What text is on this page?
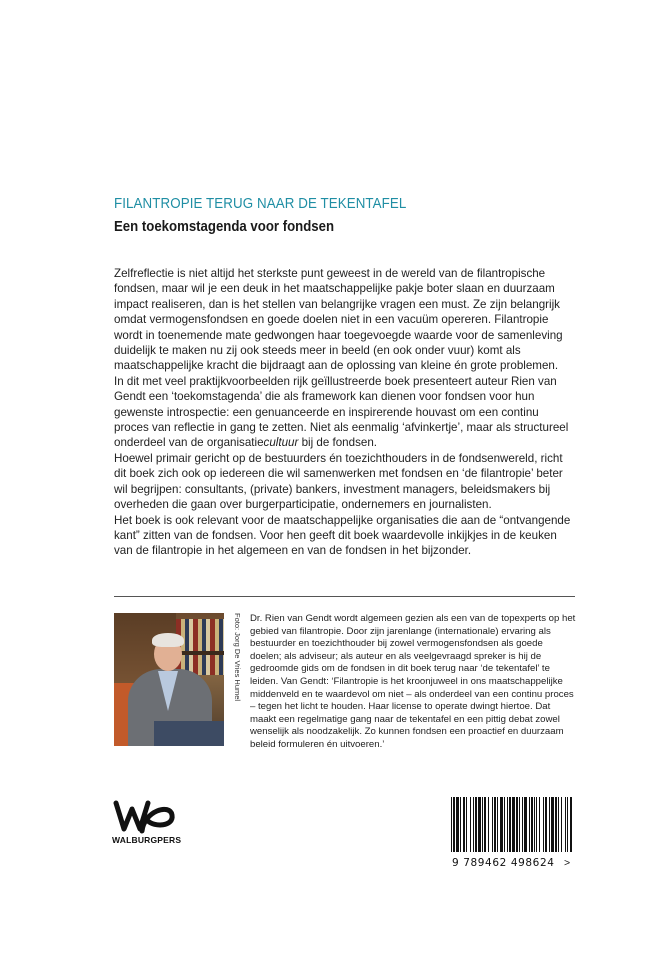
FILANTROPIE TERUG NAAR DE TEKENTAFEL
Een toekomstagenda voor fondsen

Zelfreflectie is niet altijd het sterkste punt geweest in de wereld van de filantropische fondsen, maar wil je een deuk in het maatschappelijke pakje boter slaan en duurzaam impact realiseren, dan is het stellen van belangrijke vragen een must. Ze zijn belangrijk omdat vermogensfondsen en goede doelen niet in een vacuüm opereren. Filantropie wordt in toenemende mate gedwongen haar toegevoegde waarde voor de samenleving duidelijk te maken nu zij ook steeds meer in beeld (en ook onder vuur) komt als maatschappelijke kracht die bijdraagt aan de oplossing van kleine én grote problemen.

In dit met veel praktijkvoorbeelden rijk geïllustreerde boek presenteert auteur Rien van Gendt een ‘toekomstagenda’ die als framework kan dienen voor fondsen voor hun gewenste introspectie: een genuanceerde en inspirerende houvast om een continu proces van reflectie in gang te zetten. Niet als eenmalig ‘afvinkertje’, maar als structureel onderdeel van de organisatiecultuur bij de fondsen.

Hoewel primair gericht op de bestuurders én toezichthouders in de fondsenwereld, richt dit boek zich ook op iedereen die wil samenwerken met fondsen en ‘de filantropie’ beter wil begrijpen: consultants, (private) bankers, investment managers, beleidsmakers bij overheden die gaan over burgerparticipatie, ondernemers en journalisten.

Het boek is ook relevant voor de maatschappelijke organisaties die aan de “ontvangende kant” zitten van de fondsen. Voor hen geeft dit boek waardevolle inkijkjes in de keuken van de filantropie in het algemeen en van de fondsen in het bijzonder.

Foto: Jorg De Vries Humel Dr. Rien van Gendt wordt algemeen gezien als een van de topexperts op het gebied van filantropie. Door zijn jarenlange (internationale) ervaring als bestuurder en toezichthouder bij zowel vermogensfondsen als goede doelen; als adviseur; als auteur en als veelgevraagd spreker is hij de gedroomde gids om de fondsen in dit boek terug naar ‘de tekentafel’ te leiden. Van Gendt: ‘Filantropie is het kroonjuweel in ons maatschappelijke middenveld en te waardevol om niet – als onderdeel van een continu proces – tegen het licht te houden. Haar license to operate dwingt hiertoe. Dat maakt een regelmatige gang naar de tekentafel en een pittig debat zowel wenselijk als noodzakelijk. Zo kunnen fondsen een proactief en duurzaam beleid formuleren én uitvoeren.’

WALBURGPERS
9 789462 498624 >
